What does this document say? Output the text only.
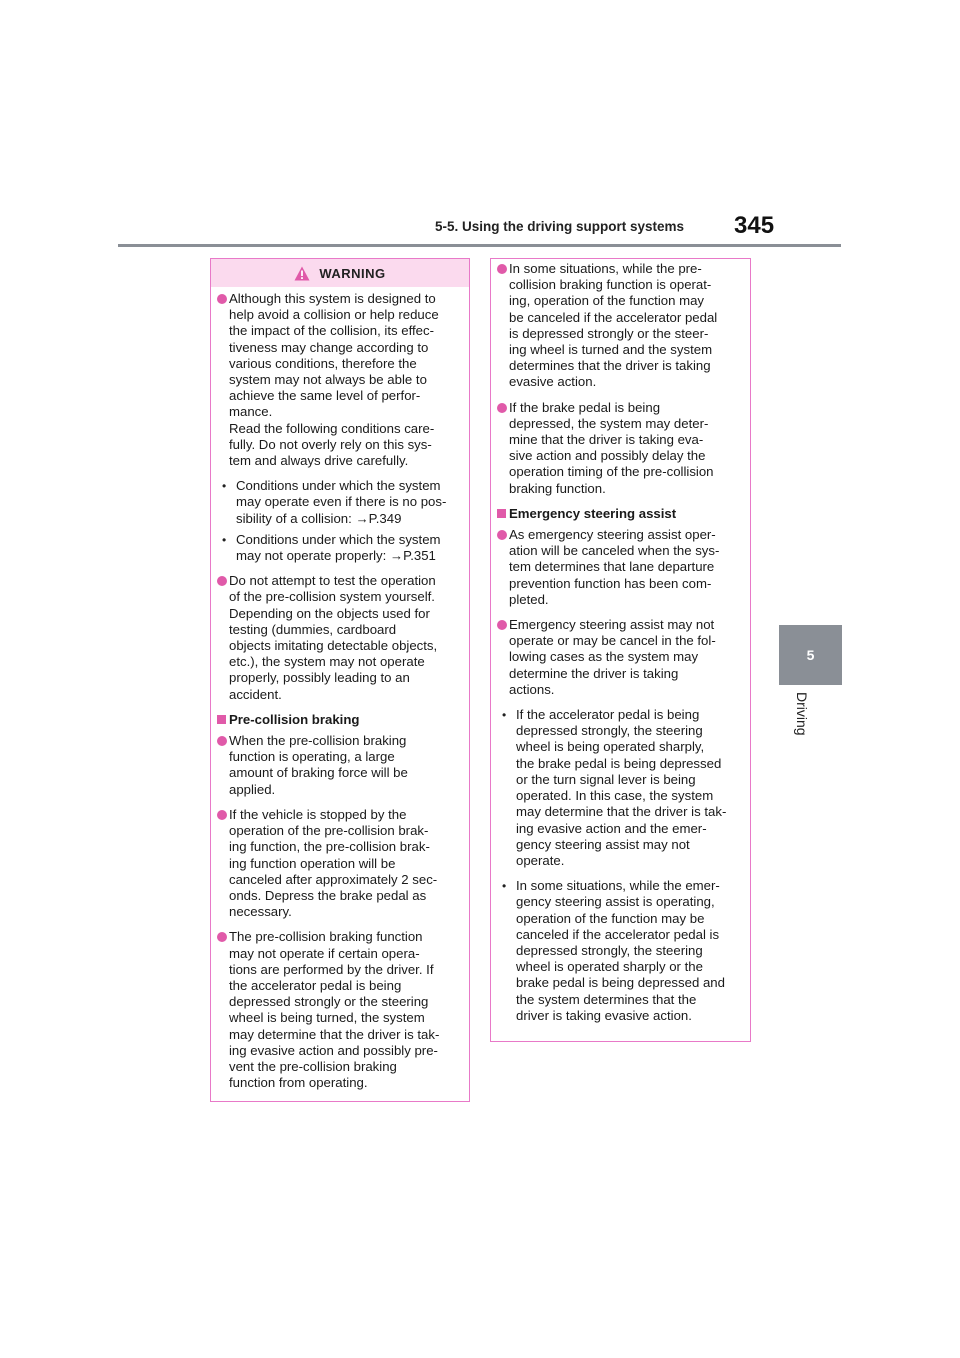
5-5. Using the driving support systems 345
5
Driving
WARNING
Although this system is designed to
help avoid a collision or help reduce
the impact of the collision, its effec-
tiveness may change according to
various conditions, therefore the
system may not always be able to
achieve the same level of perfor-
mance.
Read the following conditions care-
fully. Do not overly rely on this sys-
tem and always drive carefully.
• Conditions under which the system
may operate even if there is no pos-
sibility of a collision: →P.349
• Conditions under which the system
may not operate properly: →P.351
Do not attempt to test the operation
of the pre-collision system yourself.
Depending on the objects used for
testing (dummies, cardboard
objects imitating detectable objects,
etc.), the system may not operate
properly, possibly leading to an
accident.
Pre-collision braking
When the pre-collision braking
function is operating, a large
amount of braking force will be
applied.
If the vehicle is stopped by the
operation of the pre-collision brak-
ing function, the pre-collision brak-
ing function operation will be
canceled after approximately 2 sec-
onds. Depress the brake pedal as
necessary.
The pre-collision braking function
may not operate if certain opera-
tions are performed by the driver. If
the accelerator pedal is being
depressed strongly or the steering
wheel is being turned, the system
may determine that the driver is tak-
ing evasive action and possibly pre-
vent the pre-collision braking
function from operating.
In some situations, while the pre-
collision braking function is operat-
ing, operation of the function may
be canceled if the accelerator pedal
is depressed strongly or the steer-
ing wheel is turned and the system
determines that the driver is taking
evasive action.
If the brake pedal is being
depressed, the system may deter-
mine that the driver is taking eva-
sive action and possibly delay the
operation timing of the pre-collision
braking function.
Emergency steering assist
As emergency steering assist oper-
ation will be canceled when the sys-
tem determines that lane departure
prevention function has been com-
pleted.
Emergency steering assist may not
operate or may be cancel in the fol-
lowing cases as the system may
determine the driver is taking
actions.
• If the accelerator pedal is being
depressed strongly, the steering
wheel is being operated sharply,
the brake pedal is being depressed
or the turn signal lever is being
operated. In this case, the system
may determine that the driver is tak-
ing evasive action and the emer-
gency steering assist may not
operate.
• In some situations, while the emer-
gency steering assist is operating,
operation of the function may be
canceled if the accelerator pedal is
depressed strongly, the steering
wheel is operated sharply or the
brake pedal is being depressed and
the system determines that the
driver is taking evasive action.
